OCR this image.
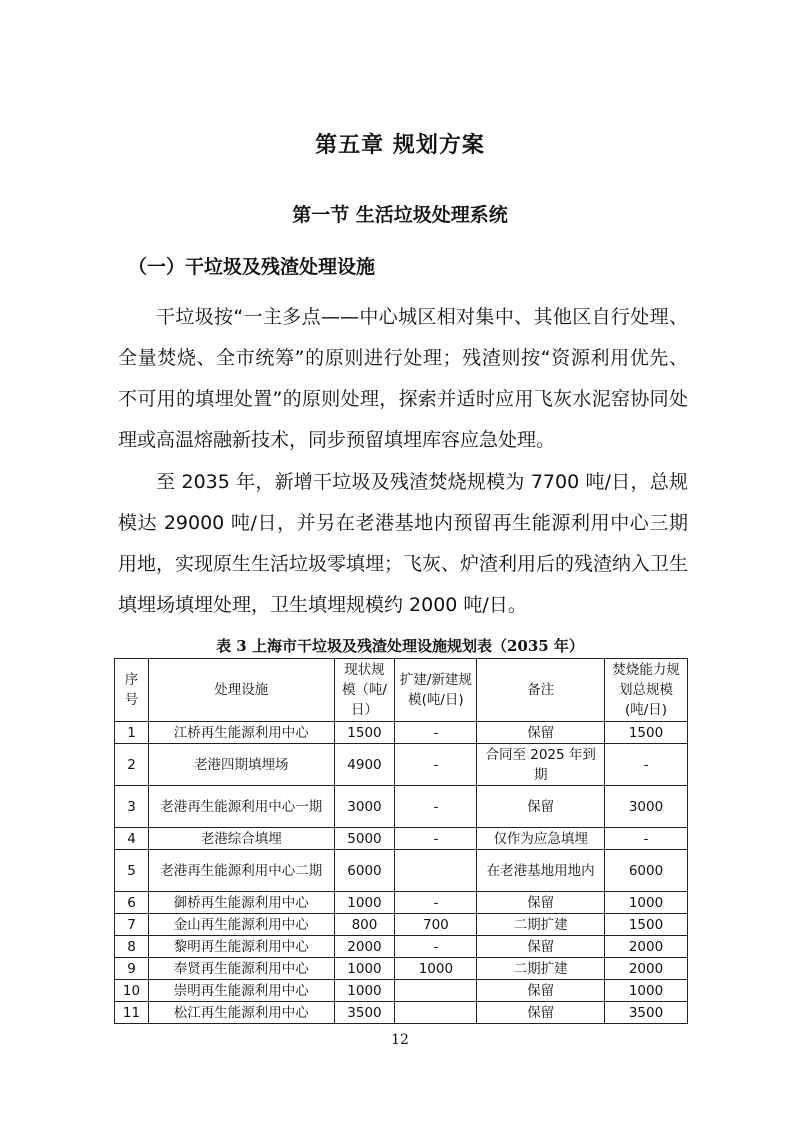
第五章 规划方案
第一节 生活垃圾处理系统
（一）干垃圾及残渣处理设施

干垃圾按“一主多点——中心城区相对集中、其他区自行处理、全量焚烧、全市统筹”的原则进行处理；残渣则按“资源利用优先、不可用的填埋处置”的原则处理，探索并适时应用飞灰水泥窑协同处理或高温熔融新技术，同步预留填埋库容应急处理。

至 2035 年，新增干垃圾及残渣焚烧规模为 7700 吨/日，总规模达 29000 吨/日，并另在老港基地内预留再生能源利用中心三期用地，实现原生生活垃圾零填埋；飞灰、炉渣利用后的残渣纳入卫生填埋场填埋处理，卫生填埋规模约 2000 吨/日。

表 3 上海市干垃圾及残渣处理设施规划表（2035 年）
序号	处理设施	现状规模（吨/日）	扩建/新建规模(吨/日)	备注	焚烧能力规划总规模(吨/日)
1	江桥再生能源利用中心	1500	-	保留	1500
2	老港四期填埋场	4900	-	合同至 2025 年到期	-
3	老港再生能源利用中心一期	3000	-	保留	3000
4	老港综合填埋	5000	-	仅作为应急填埋	-
5	老港再生能源利用中心二期	6000		在老港基地用地内	6000
6	御桥再生能源利用中心	1000	-	保留	1000
7	金山再生能源利用中心	800	700	二期扩建	1500
8	黎明再生能源利用中心	2000	-	保留	2000
9	奉贤再生能源利用中心	1000	1000	二期扩建	2000
10	崇明再生能源利用中心	1000		保留	1000
11	松江再生能源利用中心	3500		保留	3500
12
